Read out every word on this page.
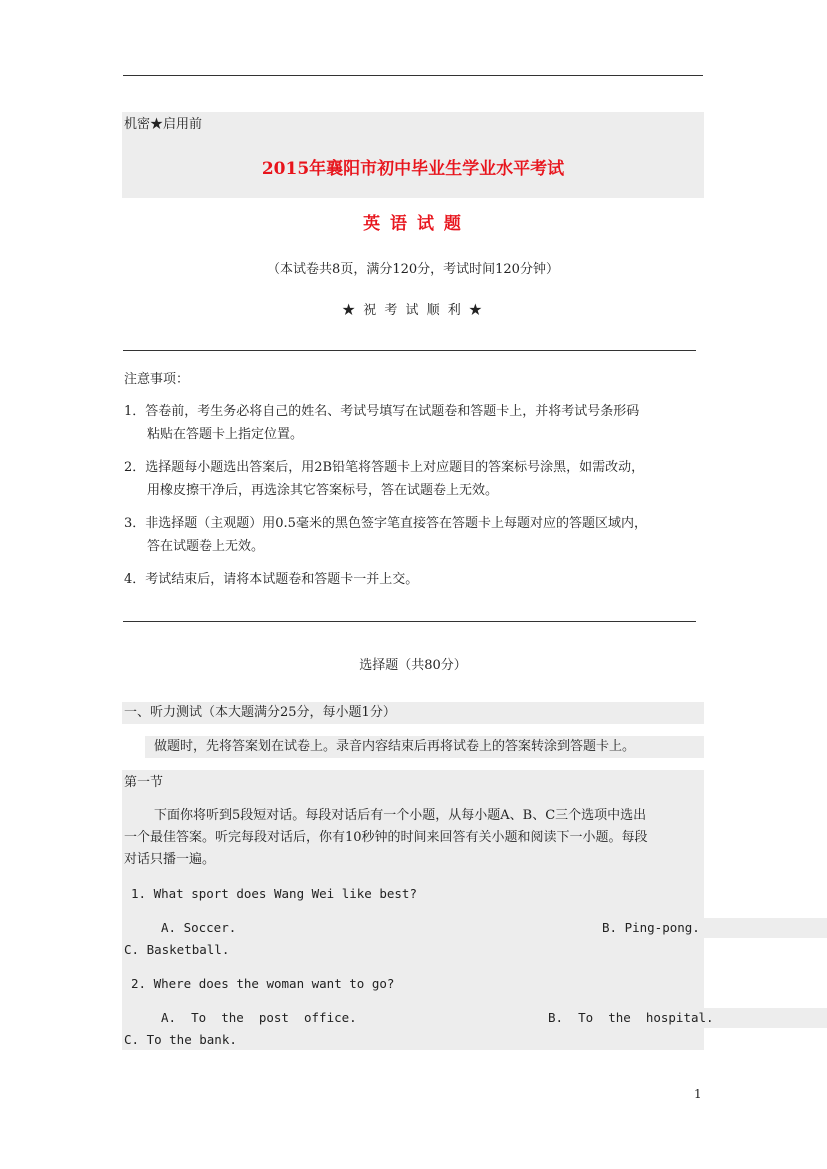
机密★启用前
2015年襄阳市初中毕业生学业水平考试
英 语 试 题
（本试卷共8页，满分120分，考试时间120分钟）
★ 祝 考 试 顺 利 ★
注意事项：
1．答卷前，考生务必将自己的姓名、考试号填写在试题卷和答题卡上，并将考试号条形码
粘贴在答题卡上指定位置。
2．选择题每小题选出答案后，用2B铅笔将答题卡上对应题目的答案标号涂黑，如需改动，
用橡皮擦干净后，再选涂其它答案标号，答在试题卷上无效。
3．非选择题（主观题）用0.5毫米的黑色签字笔直接答在答题卡上每题对应的答题区域内，
答在试题卷上无效。
4．考试结束后，请将本试题卷和答题卡一并上交。
选择题（共80分）
一、听力测试（本大题满分25分，每小题1分）
做题时，先将答案划在试卷上。录音内容结束后再将试卷上的答案转涂到答题卡上。
第一节
下面你将听到5段短对话。每段对话后有一个小题，从每小题A、B、C三个选项中选出
一个最佳答案。听完每段对话后，你有10秒钟的时间来回答有关小题和阅读下一小题。每段
对话只播一遍。
1. What sport does Wang Wei like best?
A. Soccer.	B. Ping-pong.
C. Basketball.
2. Where does the woman want to go?
A.  To  the  post  office.	B.  To  the  hospital.
C. To the bank.
1
